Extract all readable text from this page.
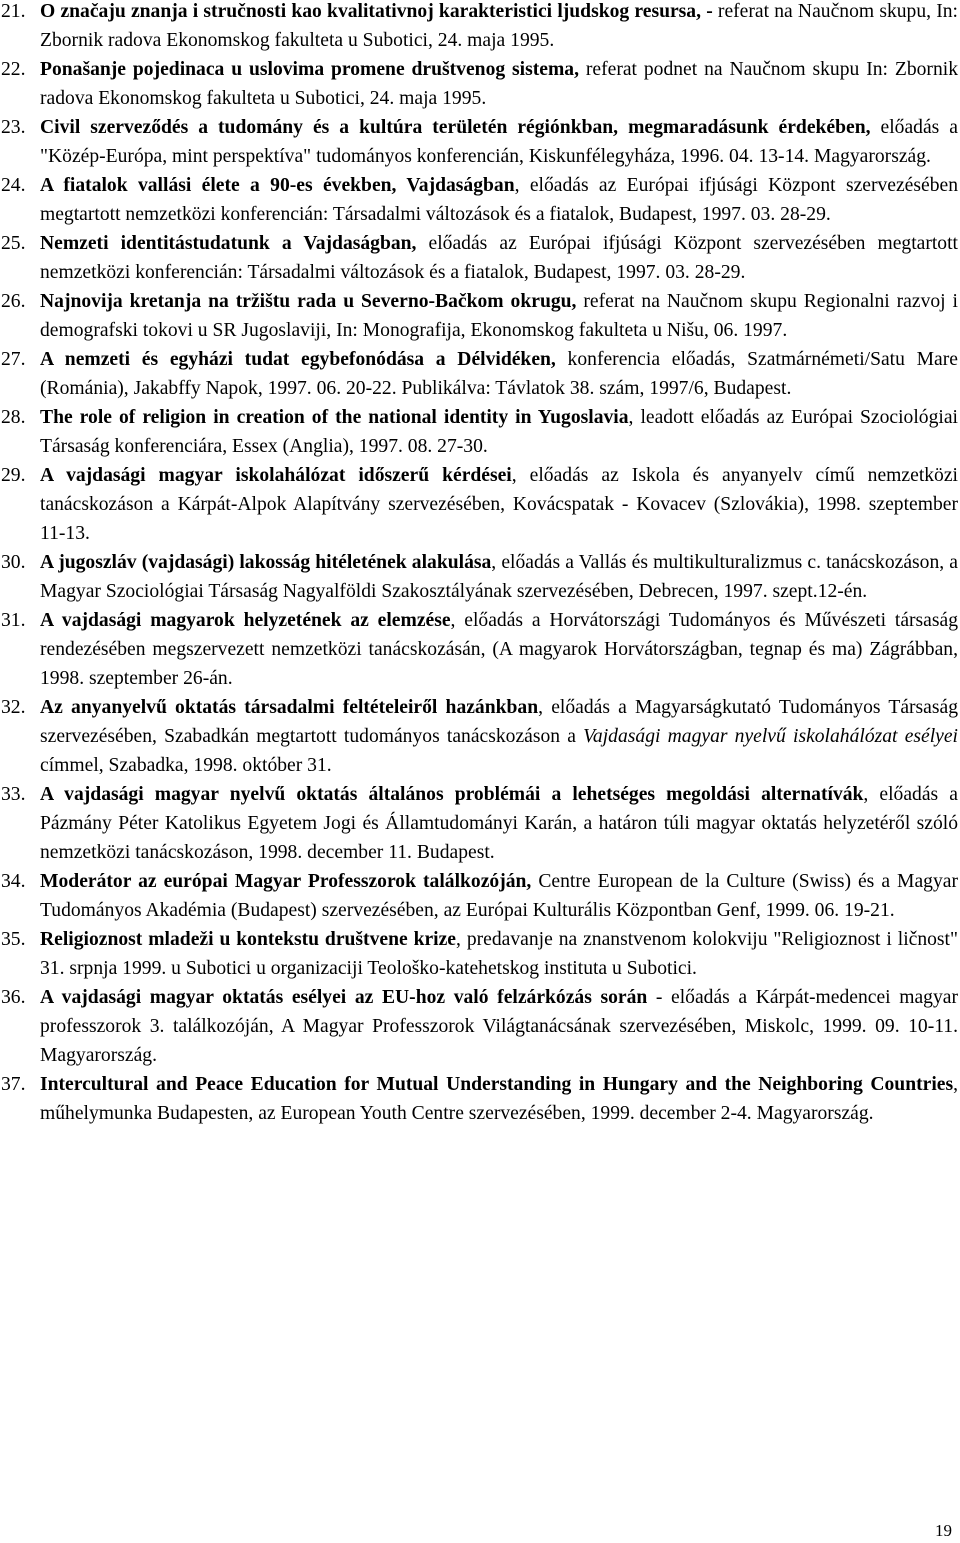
21. O značaju znanja i stručnosti kao kvalitativnoj karakteristici ljudskog resursa, - referat na Naučnom skupu, In: Zbornik radova Ekonomskog fakulteta u Subotici, 24. maja 1995.
22. Ponašanje pojedinaca u uslovima promene društvenog sistema, referat podnet na Naučnom skupu In: Zbornik radova Ekonomskog fakulteta u Subotici, 24. maja 1995.
23. Civil szerveződés a tudomány és a kultúra területén régiónkban, megmaradásunk érdekében, előadás a "Közép-Európa, mint perspektíva" tudományos konferencián, Kiskunfélegyháza, 1996. 04. 13-14. Magyarország.
24. A fiatalok vallási élete a 90-es években, Vajdaságban, előadás az Európai ifjúsági Központ szervezésében megtartott nemzetközi konferencián: Társadalmi változások és a fiatalok, Budapest, 1997. 03. 28-29.
25. Nemzeti identitástudatunk a Vajdaságban, előadás az Európai ifjúsági Központ szervezésében megtartott nemzetközi konferencián: Társadalmi változások és a fiatalok, Budapest, 1997. 03. 28-29.
26. Najnovija kretanja na tržištu rada u Severno-Bačkom okrugu, referat na Naučnom skupu Regionalni razvoj i demografski tokovi u SR Jugoslaviji, In: Monografija, Ekonomskog fakulteta u Nišu, 06. 1997.
27. A nemzeti és egyházi tudat egybefonódása a Délvidéken, konferencia előadás, Szatmárnémeti/Satu Mare (Románia), Jakabffy Napok, 1997. 06. 20-22. Publikálva: Távlatok 38. szám, 1997/6, Budapest.
28. The role of religion in creation of the national identity in Yugoslavia, leadott előadás az Európai Szociológiai Társaság konferenciára, Essex (Anglia), 1997. 08. 27-30.
29. A vajdasági magyar iskolahálózat időszerű kérdései, előadás az Iskola és anyanyelv című nemzetközi tanácskozáson a Kárpát-Alpok Alapítvány szervezésében, Kovácspatak - Kovacev (Szlovákia), 1998. szeptember 11-13.
30. A jugoszláv (vajdasági) lakosság hitéletének alakulása, előadás a Vallás és multikulturalizmus c. tanácskozáson, a Magyar Szociológiai Társaság Nagyalföldi Szakosztályának szervezésében, Debrecen, 1997. szept.12-én.
31. A vajdasági magyarok helyzetének az elemzése, előadás a Horvátországi Tudományos és Művészeti társaság rendezésében megszervezett nemzetközi tanácskozásán, (A magyarok Horvátországban, tegnap és ma) Zágrábban, 1998. szeptember 26-án.
32. Az anyanyelvű oktatás társadalmi feltételeiről hazánkban, előadás a Magyarságkutató Tudományos Társaság szervezésében, Szabadkán megtartott tudományos tanácskozáson a Vajdasági magyar nyelvű iskolahálózat esélyei címmel, Szabadka, 1998. október 31.
33. A vajdasági magyar nyelvű oktatás általános problémái a lehetséges megoldási alternatívák, előadás a Pázmány Péter Katolikus Egyetem Jogi és Államtudományi Karán, a határon túli magyar oktatás helyzetéről szóló nemzetközi tanácskozáson, 1998. december 11. Budapest.
34. Moderátor az európai Magyar Professzorok találkozóján, Centre European de la Culture (Swiss) és a Magyar Tudományos Akadémia (Budapest) szervezésében, az Európai Kulturális Központban Genf, 1999. 06. 19-21.
35. Religioznost mladeži u kontekstu društvene krize, predavanje na znanstvenom kolokviju "Religioznost i ličnost" 31. srpnja 1999. u Subotici u organizaciji Teološko-katehetskog instituta u Subotici.
36. A vajdasági magyar oktatás esélyei az EU-hoz való felzárkózás során - előadás a Kárpát-medencei magyar professzorok 3. találkozóján, A Magyar Professzorok Világtanácsának szervezésében, Miskolc, 1999. 09. 10-11. Magyarország.
37. Intercultural and Peace Education for Mutual Understanding in Hungary and the Neighboring Countries, műhelymunka Budapesten, az European Youth Centre szervezésében, 1999. december 2-4. Magyarország.
19
